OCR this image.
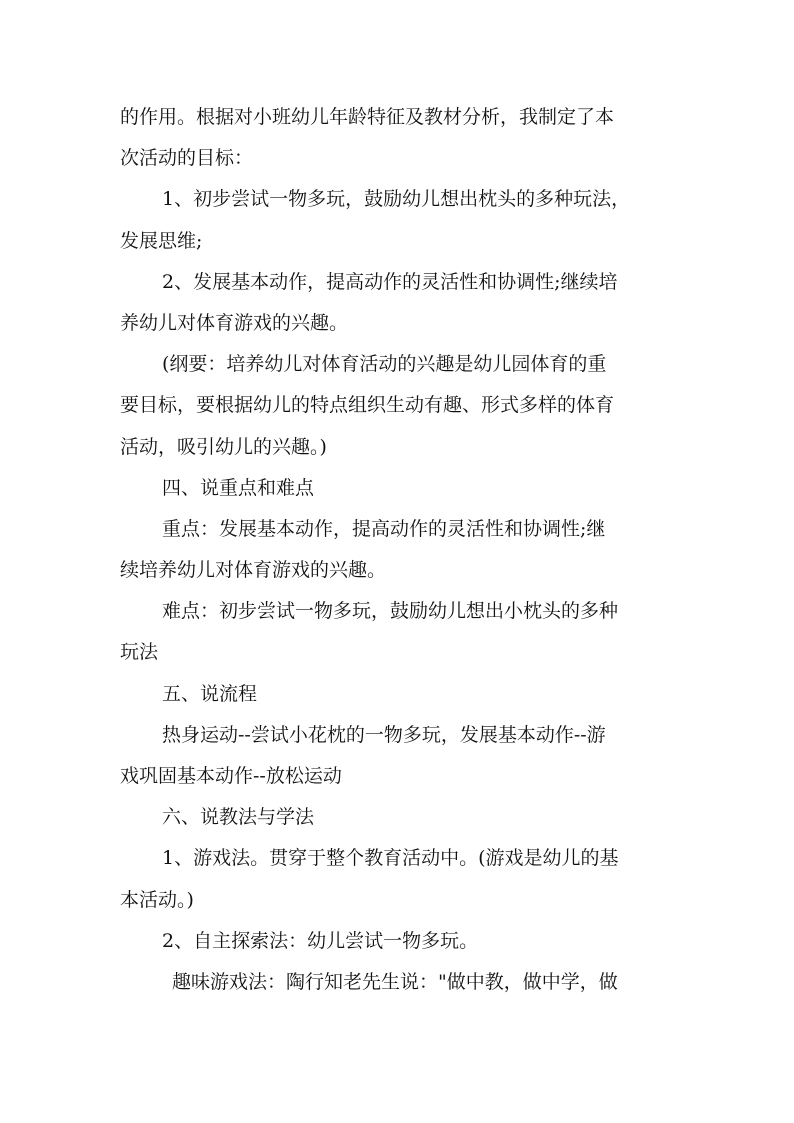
的作用。根据对小班幼儿年龄特征及教材分析，我制定了本

次活动的目标：

1、初步尝试一物多玩，鼓励幼儿想出枕头的多种玩法，

发展思维;

2、发展基本动作，提高动作的灵活性和协调性;继续培

养幼儿对体育游戏的兴趣。

(纲要：培养幼儿对体育活动的兴趣是幼儿园体育的重

要目标，要根据幼儿的特点组织生动有趣、形式多样的体育

活动，吸引幼儿的兴趣。)

四、说重点和难点

重点：发展基本动作，提高动作的灵活性和协调性;继

续培养幼儿对体育游戏的兴趣。

难点：初步尝试一物多玩，鼓励幼儿想出小枕头的多种

玩法

五、说流程

热身运动--尝试小花枕的一物多玩，发展基本动作--游

戏巩固基本动作--放松运动

六、说教法与学法

1、游戏法。贯穿于整个教育活动中。(游戏是幼儿的基

本活动。)

2、自主探索法：幼儿尝试一物多玩。

趣味游戏法：陶行知老先生说："做中教，做中学，做
